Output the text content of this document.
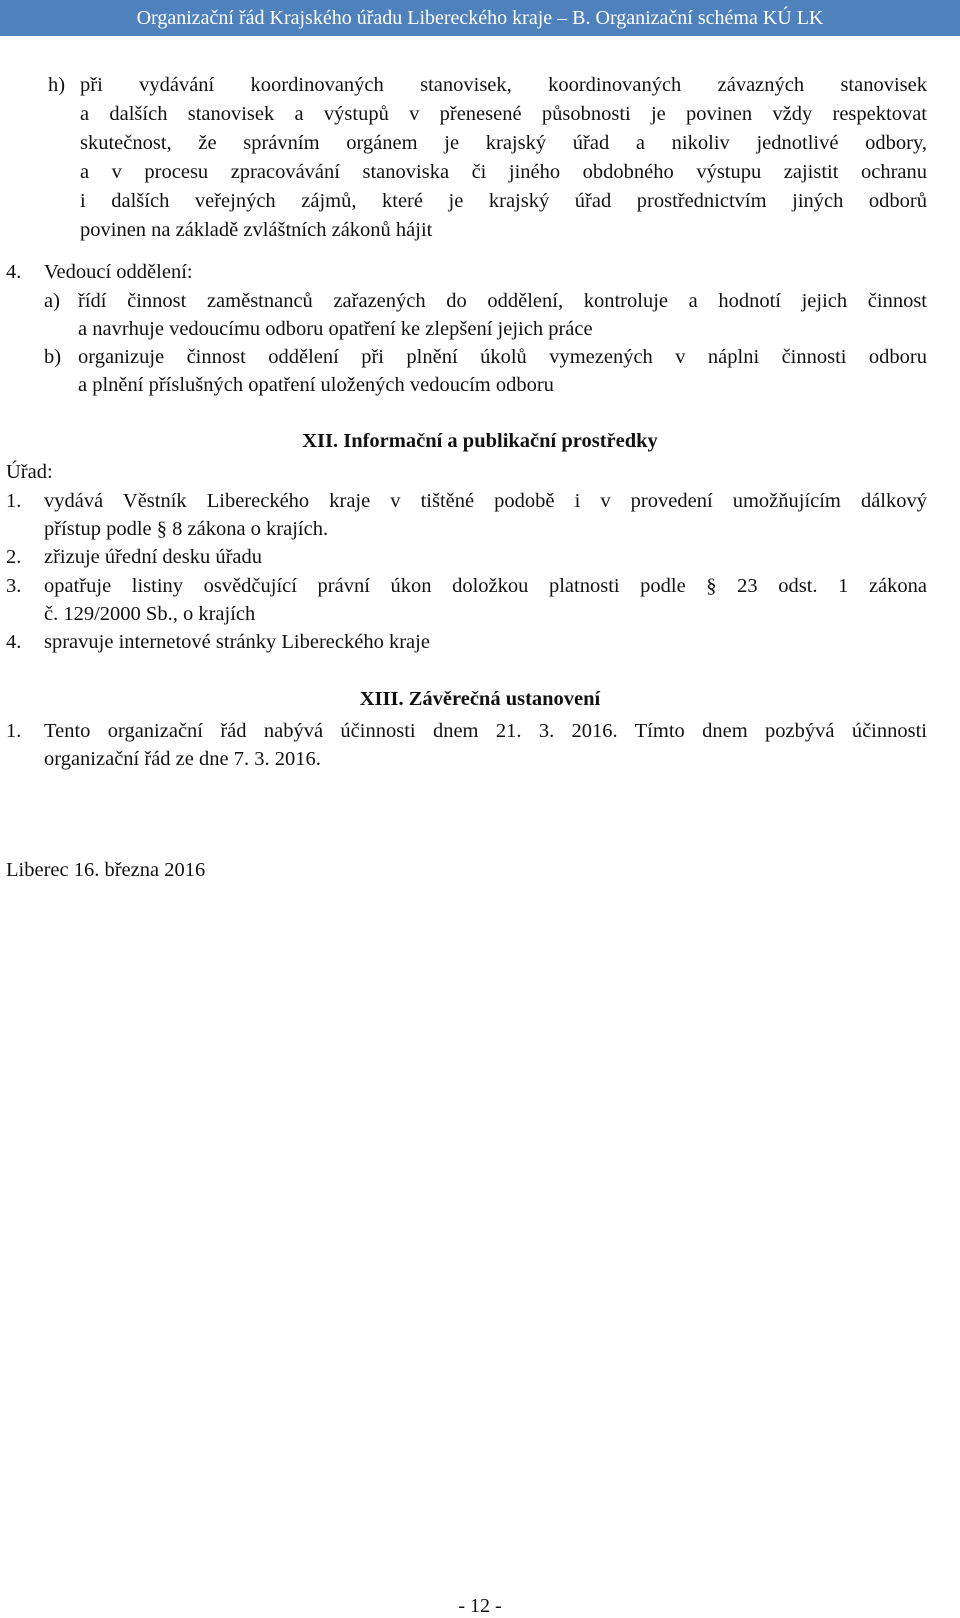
Organizační řád Krajského úřadu Libereckého kraje – B. Organizační schéma KÚ LK
h) při vydávání koordinovaných stanovisek, koordinovaných závazných stanovisek
a dalších stanovisek a výstupů v přenesené působnosti je povinen vždy respektovat
skutečnost, že správním orgánem je krajský úřad a nikoliv jednotlivé odbory,
a v procesu zpracovávání stanoviska či jiného obdobného výstupu zajistit ochranu
i dalších veřejných zájmů, které je krajský úřad prostřednictvím jiných odborů
povinen na základě zvláštních zákonů hájit
4. Vedoucí oddělení:
a) řídí činnost zaměstnanců zařazených do oddělení, kontroluje a hodnotí jejich činnost
a navrhuje vedoucímu odboru opatření ke zlepšení jejich práce
b) organizuje činnost oddělení při plnění úkolů vymezených v náplni činnosti odboru
a plnění příslušných opatření uložených vedoucím odboru
XII. Informační a publikační prostředky
Úřad:
1. vydává Věstník Libereckého kraje v tištěné podobě i v provedení umožňujícím dálkový
přístup podle § 8 zákona o krajích.
2. zřizuje úřední desku úřadu
3. opatřuje listiny osvědčující právní úkon doložkou platnosti podle § 23 odst. 1 zákona
č. 129/2000 Sb., o krajích
4. spravuje internetové stránky Libereckého kraje
XIII. Závěrečná ustanovení
1. Tento organizační řád nabývá účinnosti dnem 21. 3. 2016. Tímto dnem pozbývá účinnosti
organizační řád ze dne 7. 3. 2016.
Liberec 16. března 2016
- 12 -
